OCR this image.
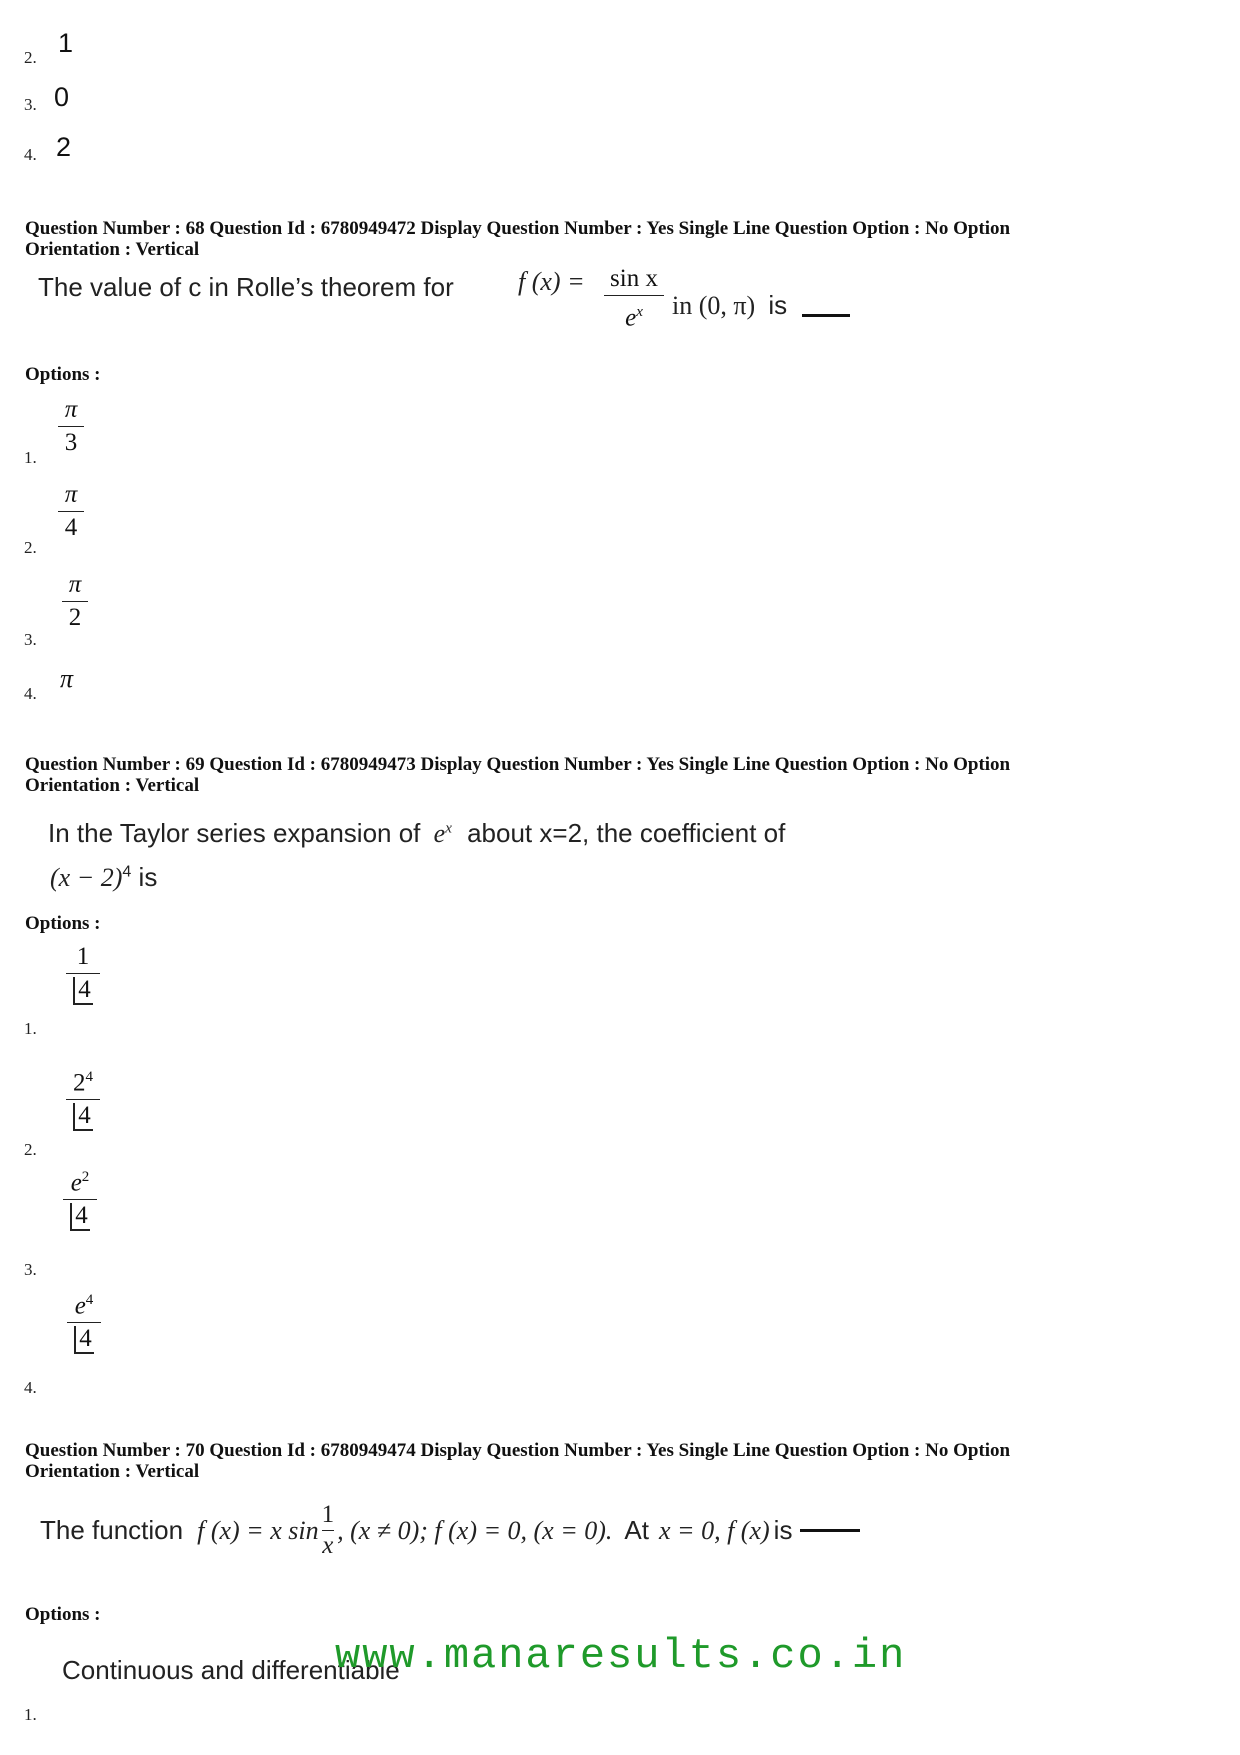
2. 1
3. 0
4. 2
Question Number : 68 Question Id : 6780949472 Display Question Number : Yes Single Line Question Option : No Option
Orientation : Vertical
The value of c in Rolle’s theorem for f (x) = sin x
$e^x$	in (0, π) is
Options :
1.
π
3
2.
π
4
3.
π
2
4.
π
Question Number : 69 Question Id : 6780949473 Display Question Number : Yes Single Line Question Option : No Option
Orientation : Vertical
In the Taylor series expansion of $e^x$ about x=2, the coefficient of
$(x - 2)^4$ is
Options :
1.
1
4
2.
$2^4$
4
3.
$e^2$
4
4.
$e^4$
4
Question Number : 70 Question Id : 6780949474 Display Question Number : Yes Single Line Question Option : No Option
Orientation : Vertical
The function f (x) = x $\sin \frac{1}{x}$ , (x ≠ 0); f (x) = 0, (x = 0). At x = 0, f (x) is
Options :
1.
Continuous and differentiable
www.manaresults.co.in
